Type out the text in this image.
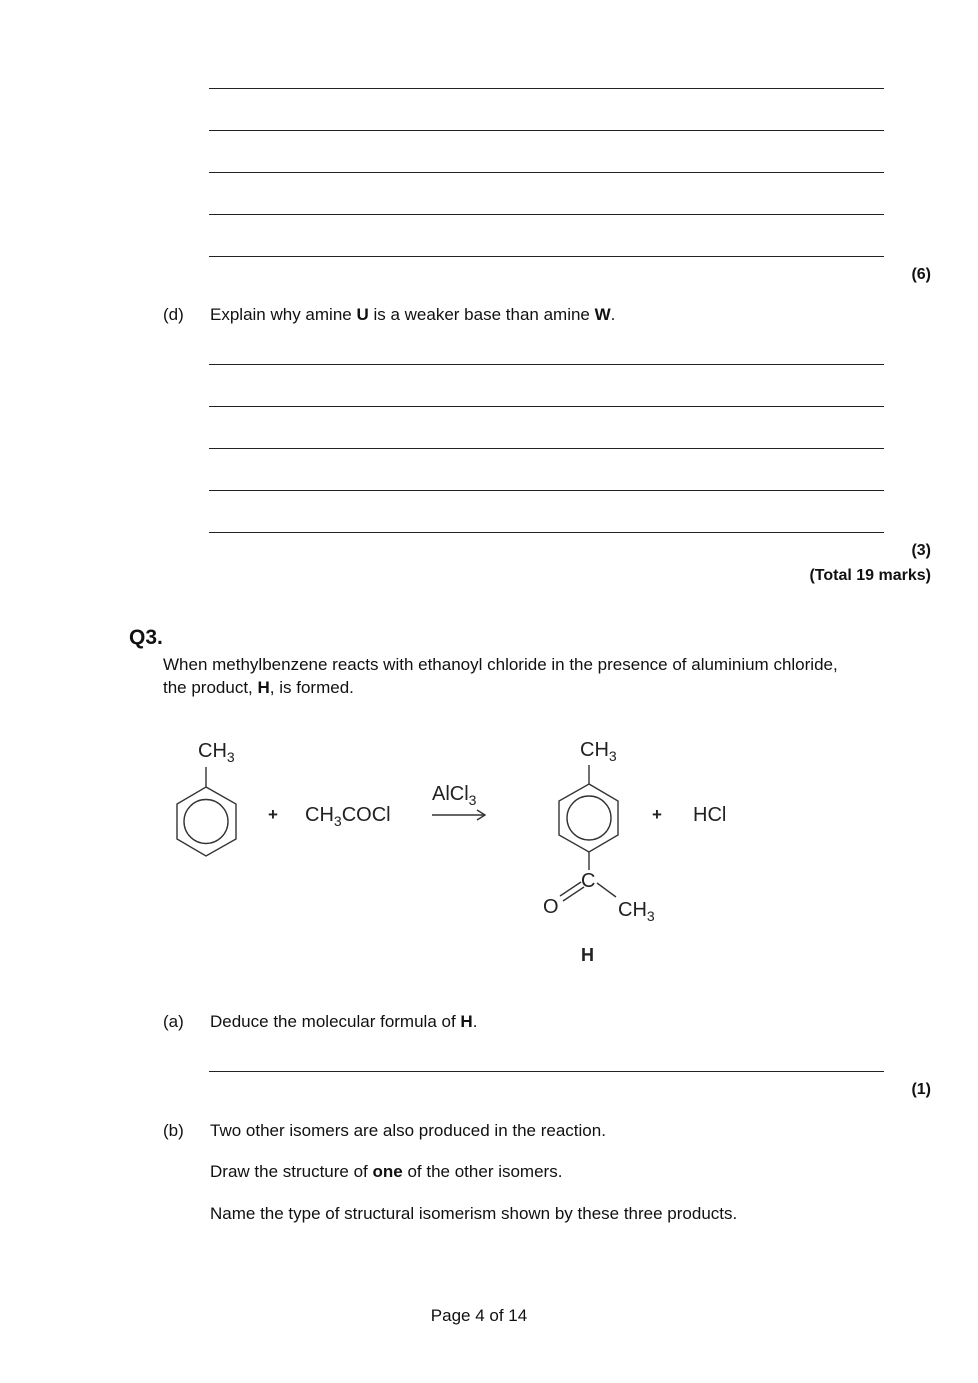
(6)
(d) Explain why amine U is a weaker base than amine W.
(3)
(Total 19 marks)
Q3.
When methylbenzene reacts with ethanoyl chloride in the presence of aluminium chloride,
the product, H, is formed.
$CH_3$
+ $CH_3COCl$
AlCl$_3$
$CH_3$
C
O	$CH_3$
+ HCl
H
(a) Deduce the molecular formula of H.
(1)
(b) Two other isomers are also produced in the reaction.
Draw the structure of one of the other isomers.
Name the type of structural isomerism shown by these three products.
Page 4 of 14
